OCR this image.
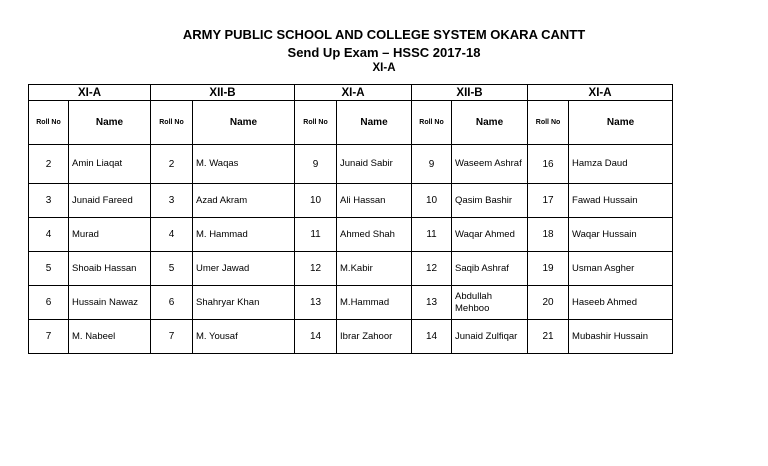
ARMY PUBLIC SCHOOL AND COLLEGE SYSTEM OKARA CANTT
Send Up Exam – HSSC 2017-18
XI-A
XI-A		XII-B		XI-A		XII-B		XI-A	
Roll No	Name	Roll No	Name	Roll No	Name	Roll No	Name	Roll No	Name
2	Amin Liaqat	2	M. Waqas	9	Junaid Sabir	9	Waseem Ashraf	16	Hamza Daud
3	Junaid Fareed	3	Azad Akram	10	Ali Hassan	10	Qasim Bashir	17	Fawad Hussain
4	Murad	4	M. Hammad	11	Ahmed Shah	11	Waqar Ahmed	18	Waqar Hussain
5	Shoaib Hassan	5	Umer Jawad	12	M.Kabir	12	Saqib Ashraf	19	Usman Asgher
6	Hussain Nawaz	6	Shahryar Khan	13	M.Hammad	13	Abdullah Mehboo	20	Haseeb Ahmed
7	M. Nabeel	7	M. Yousaf	14	Ibrar Zahoor	14	Junaid Zulfiqar	21	Mubashir Hussain
